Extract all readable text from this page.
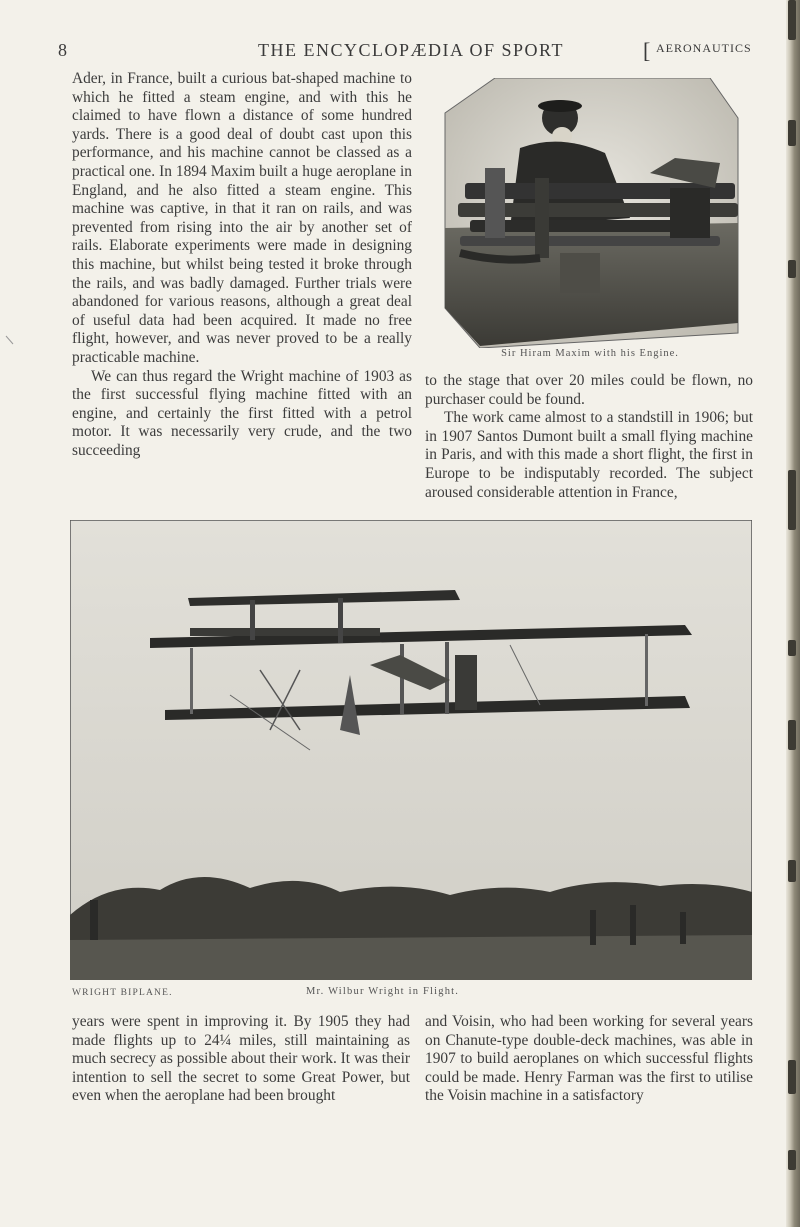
8	THE ENCYCLOPÆDIA OF SPORT	[ AERONAUTICS

Ader, in France, built a curious bat-shaped machine to which he fitted a steam engine, and with this he claimed to have flown a distance of some hundred yards. There is a good deal of doubt cast upon this performance, and his machine cannot be classed as a practical one. In 1894 Maxim built a huge aeroplane in England, and he also fitted a steam engine. This machine was captive, in that it ran on rails, and was prevented from rising into the air by another set of rails. Elaborate experiments were made in designing this machine, but whilst being tested it broke through the rails, and was badly damaged. Further trials were abandoned for various reasons, although a great deal of useful data had been acquired. It made no free flight, however, and was never proved to be a really practicable machine.

We can thus regard the Wright machine of 1903 as the first successful flying machine fitted with an engine, and certainly the first fitted with a petrol motor. It was necessarily very crude, and the two succeeding

Sir Hiram Maxim with his Engine.

to the stage that over 20 miles could be flown, no purchaser could be found.

The work came almost to a standstill in 1906; but in 1907 Santos Dumont built a small flying machine in Paris, and with this made a short flight, the first in Europe to be indisputably recorded. The subject aroused considerable attention in France,

WRIGHT BIPLANE.	Mr. Wilbur Wright in Flight.

years were spent in improving it. By 1905 they had made flights up to 24¼ miles, still maintaining as much secrecy as possible about their work. It was their intention to sell the secret to some Great Power, but even when the aeroplane had been brought

and Voisin, who had been working for several years on Chanute-type double-deck machines, was able in 1907 to build aeroplanes on which successful flights could be made. Henry Farman was the first to utilise the Voisin machine in a satisfactory
